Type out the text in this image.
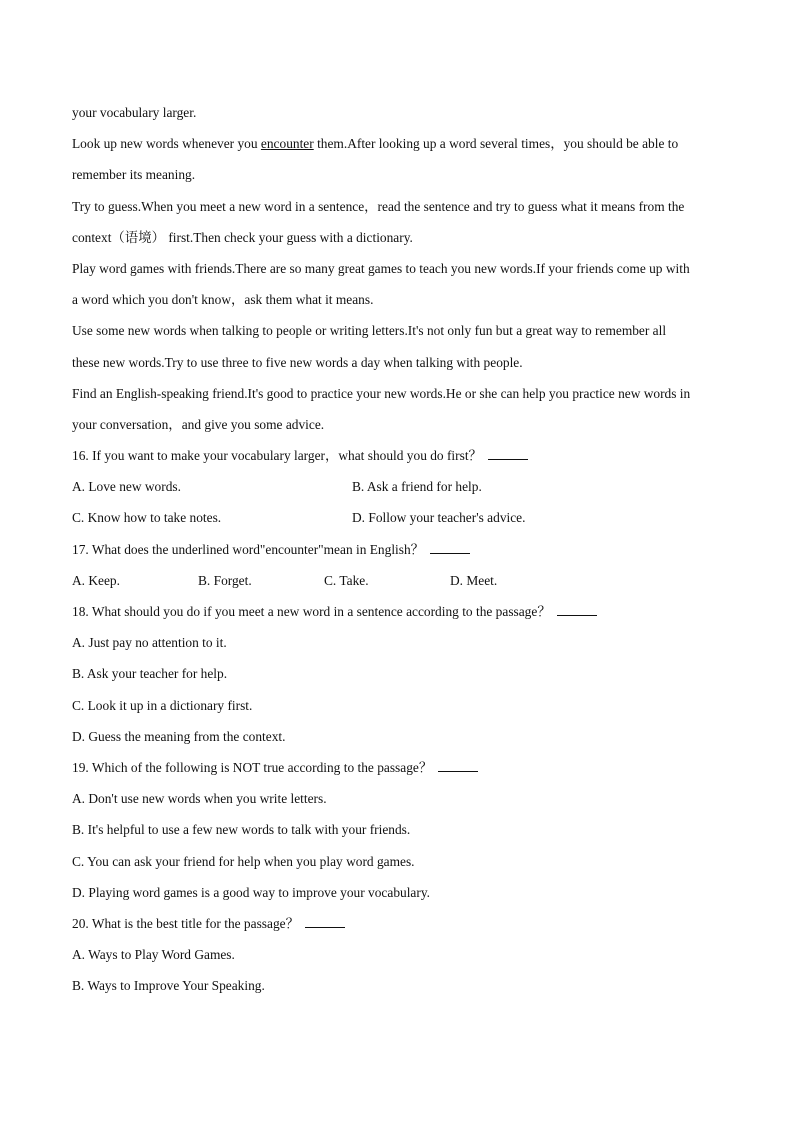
your vocabulary larger.
Look up new words whenever you encounter them.After looking up a word several times，you should be able to
remember its meaning.
Try to guess.When you meet a new word in a sentence，read the sentence and try to guess what it means from the
context（语境） first.Then check your guess with a dictionary.
Play word games with friends.There are so many great games to teach you new words.If your friends come up with
a word which you don't know，ask them what it means.
Use some new words when talking to people or writing letters.It's not only fun but a great way to remember all
these new words.Try to use three to five new words a day when talking with people.
Find an English-speaking friend.It's good to practice your new words.He or she can help you practice new words in
your conversation，and give you some advice.
16. If you want to make your vocabulary larger，what should you do first？
A. Love new words.	B. Ask a friend for help.
C. Know how to take notes.	D. Follow your teacher's advice.
17. What does the underlined word"encounter"mean in English？
A. Keep.	B. Forget.	C. Take.	D. Meet.
18. What should you do if you meet a new word in a sentence according to the passage？
A. Just pay no attention to it.
B. Ask your teacher for help.
C. Look it up in a dictionary first.
D. Guess the meaning from the context.
19. Which of the following is NOT true according to the passage？
A. Don't use new words when you write letters.
B. It's helpful to use a few new words to talk with your friends.
C. You can ask your friend for help when you play word games.
D. Playing word games is a good way to improve your vocabulary.
20. What is the best title for the passage？
A. Ways to Play Word Games.
B. Ways to Improve Your Speaking.
